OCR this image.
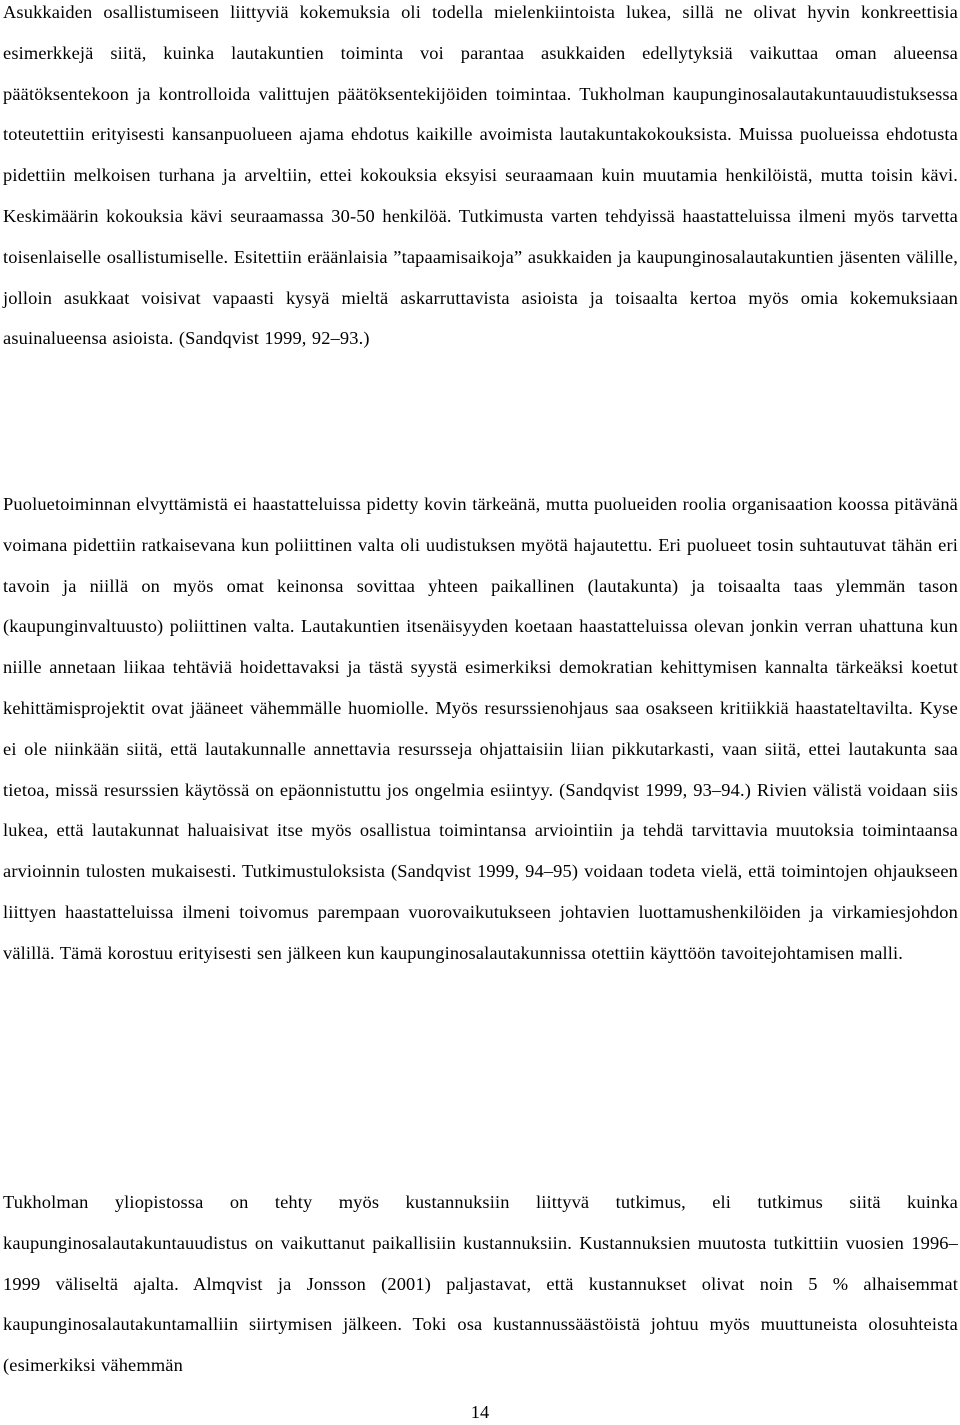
Asukkaiden osallistumiseen liittyviä kokemuksia oli todella mielenkiintoista lukea, sillä ne olivat hyvin konkreettisia esimerkkejä siitä, kuinka lautakuntien toiminta voi parantaa asukkaiden edellytyksiä vaikuttaa oman alueensa päätöksentekoon ja kontrolloida valittujen päätöksentekijöiden toimintaa. Tukholman kaupunginosalautakuntauudistuksessa toteutettiin erityisesti kansanpuolueen ajama ehdotus kaikille avoimista lautakuntakokouksista. Muissa puolueissa ehdotusta pidettiin melkoisen turhana ja arveltiin, ettei kokouksia eksyisi seuraamaan kuin muutamia henkilöistä, mutta toisin kävi. Keskimäärin kokouksia kävi seuraamassa 30-50 henkilöä. Tutkimusta varten tehdyissä haastatteluissa ilmeni myös tarvetta toisenlaiselle osallistumiselle. Esitettiin eräänlaisia ”tapaamisaikoja” asukkaiden ja kaupunginosalautakuntien jäsenten välille, jolloin asukkaat voisivat vapaasti kysyä mieltä askarruttavista asioista ja toisaalta kertoa myös omia kokemuksiaan asuinalueensa asioista. (Sandqvist 1999, 92–93.)

Puoluetoiminnan elvyttämistä ei haastatteluissa pidetty kovin tärkeänä, mutta puolueiden roolia organisaation koossa pitävänä voimana pidettiin ratkaisevana kun poliittinen valta oli uudistuksen myötä hajautettu. Eri puolueet tosin suhtautuvat tähän eri tavoin ja niillä on myös omat keinonsa sovittaa yhteen paikallinen (lautakunta) ja toisaalta taas ylemmän tason (kaupunginvaltuusto) poliittinen valta. Lautakuntien itsenäisyyden koetaan haastatteluissa olevan jonkin verran uhattuna kun niille annetaan liikaa tehtäviä hoidettavaksi ja tästä syystä esimerkiksi demokratian kehittymisen kannalta tärkeäksi koetut kehittämisprojektit ovat jääneet vähemmälle huomiolle. Myös resurssienohjaus saa osakseen kritiikkiä haastateltavilta. Kyse ei ole niinkään siitä, että lautakunnalle annettavia resursseja ohjattaisiin liian pikkutarkasti, vaan siitä, ettei lautakunta saa tietoa, missä resurssien käytössä on epäonnistuttu jos ongelmia esiintyy. (Sandqvist 1999, 93–94.) Rivien välistä voidaan siis lukea, että lautakunnat haluaisivat itse myös osallistua toimintansa arviointiin ja tehdä tarvittavia muutoksia toimintaansa arvioinnin tulosten mukaisesti. Tutkimustuloksista (Sandqvist 1999, 94–95) voidaan todeta vielä, että toimintojen ohjaukseen liittyen haastatteluissa ilmeni toivomus parempaan vuorovaikutukseen johtavien luottamushenkilöiden ja virkamiesjohdon välillä. Tämä korostuu erityisesti sen jälkeen kun kaupunginosalautakunnissa otettiin käyttöön tavoitejohtamisen malli.

Tukholman yliopistossa on tehty myös kustannuksiin liittyvä tutkimus, eli tutkimus siitä kuinka kaupunginosalautakuntauudistus on vaikuttanut paikallisiin kustannuksiin. Kustannuksien muutosta tutkittiin vuosien 1996–1999 väliseltä ajalta. Almqvist ja Jonsson (2001) paljastavat, että kustannukset olivat noin 5 % alhaisemmat kaupunginosalautakuntamalliin siirtymisen jälkeen. Toki osa kustannussäästöistä johtuu myös muuttuneista olosuhteista (esimerkiksi vähemmän

14
